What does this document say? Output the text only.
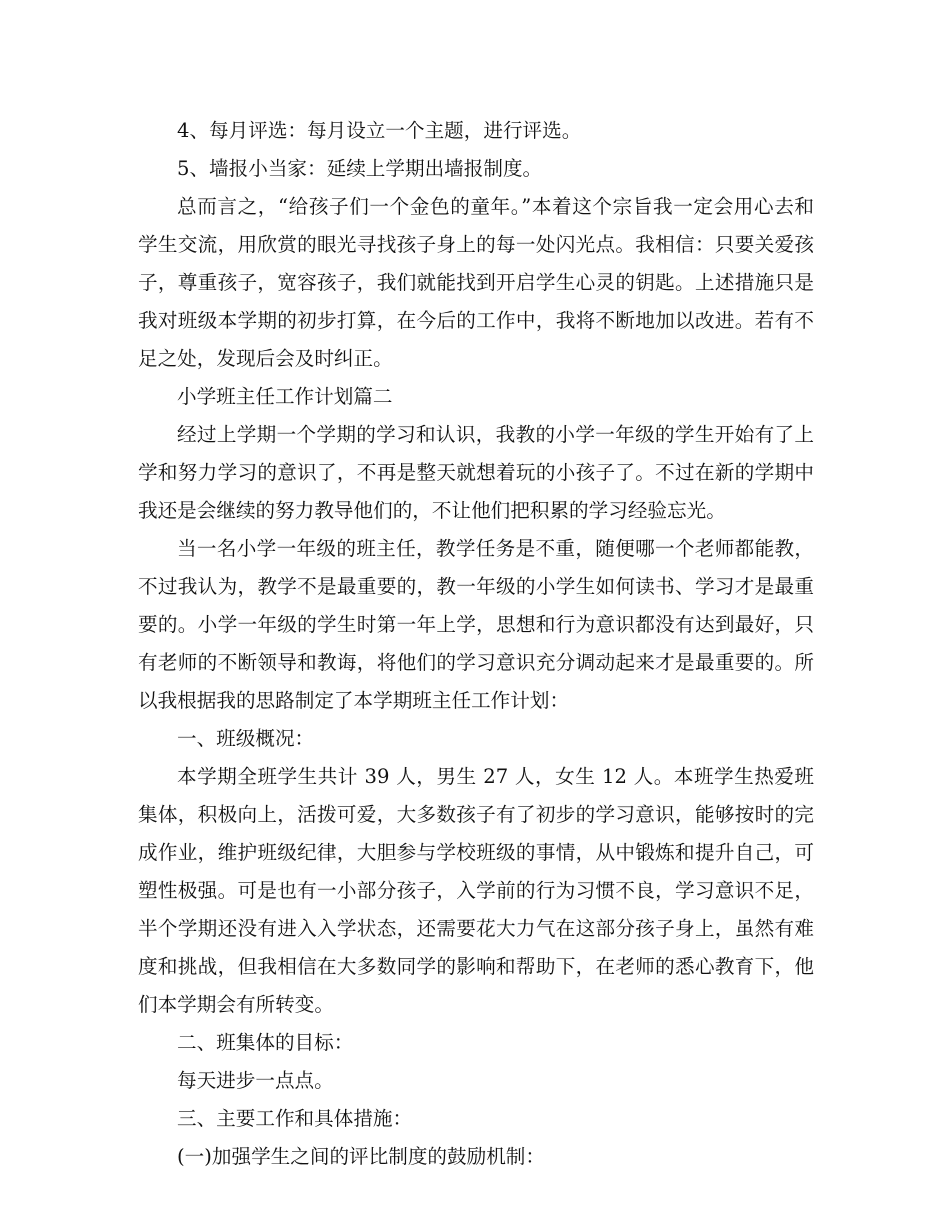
4、每月评选：每月设立一个主题，进行评选。

5、墙报小当家：延续上学期出墙报制度。

总而言之，“给孩子们一个金色的童年。”本着这个宗旨我一定会用心去和学生交流，用欣赏的眼光寻找孩子身上的每一处闪光点。我相信：只要关爱孩子，尊重孩子，宽容孩子，我们就能找到开启学生心灵的钥匙。上述措施只是我对班级本学期的初步打算，在今后的工作中，我将不断地加以改进。若有不足之处，发现后会及时纠正。

小学班主任工作计划篇二

经过上学期一个学期的学习和认识，我教的小学一年级的学生开始有了上学和努力学习的意识了，不再是整天就想着玩的小孩子了。不过在新的学期中我还是会继续的努力教导他们的，不让他们把积累的学习经验忘光。

当一名小学一年级的班主任，教学任务是不重，随便哪一个老师都能教，不过我认为，教学不是最重要的，教一年级的小学生如何读书、学习才是最重要的。小学一年级的学生时第一年上学，思想和行为意识都没有达到最好，只有老师的不断领导和教诲，将他们的学习意识充分调动起来才是最重要的。所以我根据我的思路制定了本学期班主任工作计划：

一、班级概况：

本学期全班学生共计 39 人，男生 27 人，女生 12 人。本班学生热爱班集体，积极向上，活拨可爱，大多数孩子有了初步的学习意识，能够按时的完成作业，维护班级纪律，大胆参与学校班级的事情，从中锻炼和提升自己，可塑性极强。可是也有一小部分孩子，入学前的行为习惯不良，学习意识不足，半个学期还没有进入入学状态，还需要花大力气在这部分孩子身上，虽然有难度和挑战，但我相信在大多数同学的影响和帮助下，在老师的悉心教育下，他们本学期会有所转变。

二、班集体的目标：

每天进步一点点。

三、主要工作和具体措施：

(一)加强学生之间的评比制度的鼓励机制：
